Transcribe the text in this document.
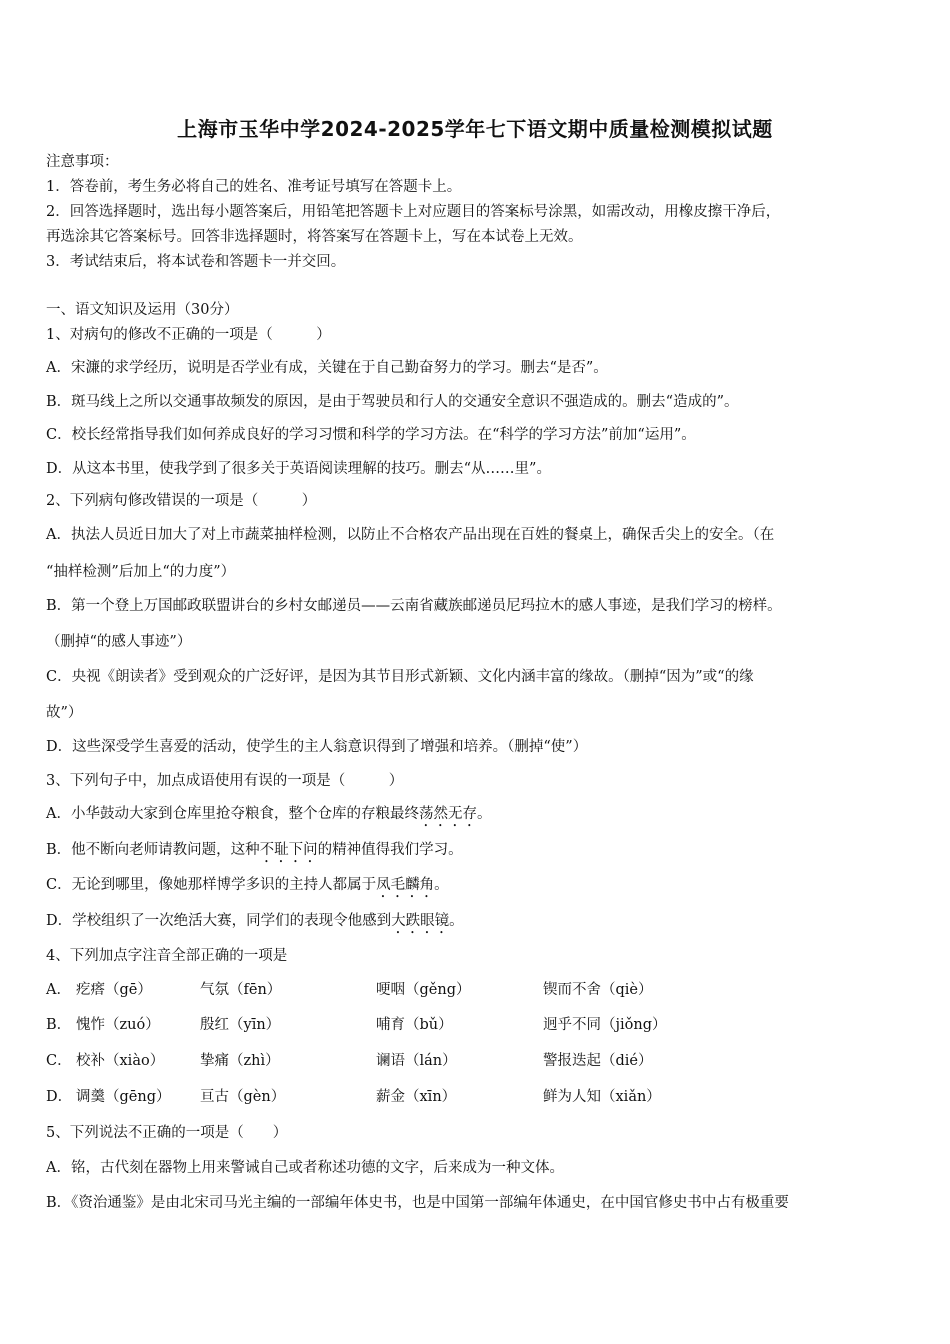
上海市玉华中学2024-2025学年七下语文期中质量检测模拟试题
注意事项：
1．答卷前，考生务必将自己的姓名、准考证号填写在答题卡上。
2．回答选择题时，选出每小题答案后，用铅笔把答题卡上对应题目的答案标号涂黑，如需改动，用橡皮擦干净后，
再选涂其它答案标号。回答非选择题时，将答案写在答题卡上，写在本试卷上无效。
3．考试结束后，将本试卷和答题卡一并交回。
一、语文知识及运用（30分）
1、对病句的修改不正确的一项是（　　　）
A．宋濂的求学经历，说明是否学业有成，关键在于自己勤奋努力的学习。删去“是否”。
B．斑马线上之所以交通事故频发的原因，是由于驾驶员和行人的交通安全意识不强造成的。删去“造成的”。
C．校长经常指导我们如何养成良好的学习习惯和科学的学习方法。在“科学的学习方法”前加“运用”。
D．从这本书里，使我学到了很多关于英语阅读理解的技巧。删去“从……里”。
2、下列病句修改错误的一项是（　　　）
A．执法人员近日加大了对上市蔬菜抽样检测，以防止不合格农产品出现在百姓的餐桌上，确保舌尖上的安全。（在
“抽样检测”后加上“的力度”）
B．第一个登上万国邮政联盟讲台的乡村女邮递员——云南省藏族邮递员尼玛拉木的感人事迹，是我们学习的榜样。
（删掉“的感人事迹”）
C．央视《朗读者》受到观众的广泛好评，是因为其节目形式新颖、文化内涵丰富的缘故。（删掉“因为”或“的缘
故”）
D．这些深受学生喜爱的活动，使学生的主人翁意识得到了增强和培养。（删掉“使”）
3、下列句子中，加点成语使用有误的一项是（　　　）
A．小华鼓动大家到仓库里抢夺粮食，整个仓库的存粮最终荡然无存。
B．他不断向老师请教问题，这种不耻下问的精神值得我们学习。
C．无论到哪里，像她那样博学多识的主持人都属于凤毛麟角。
D．学校组织了一次绝活大赛，同学们的表现令他感到大跌眼镜。
4、下列加点字注音全部正确的一项是
A． 疙瘩（gē）	气氛（fēn）	哽咽（gěng）	锲而不舍（qiè）
B． 愧怍（zuó）	殷红（yīn）	哺育（bǔ）	迥乎不同（jiǒng）
C． 校补（xiào） 挚痛（zhì）	谰语（lán）	警报迭起（dié）
D． 调羹（gēng） 亘古（gèn）	薪金（xīn）	鲜为人知（xiǎn）
5、下列说法不正确的一项是（　　）
A．铭，古代刻在器物上用来警诫自己或者称述功德的文字，后来成为一种文体。
B．《资治通鉴》是由北宋司马光主编的一部编年体史书，也是中国第一部编年体通史，在中国官修史书中占有极重要
